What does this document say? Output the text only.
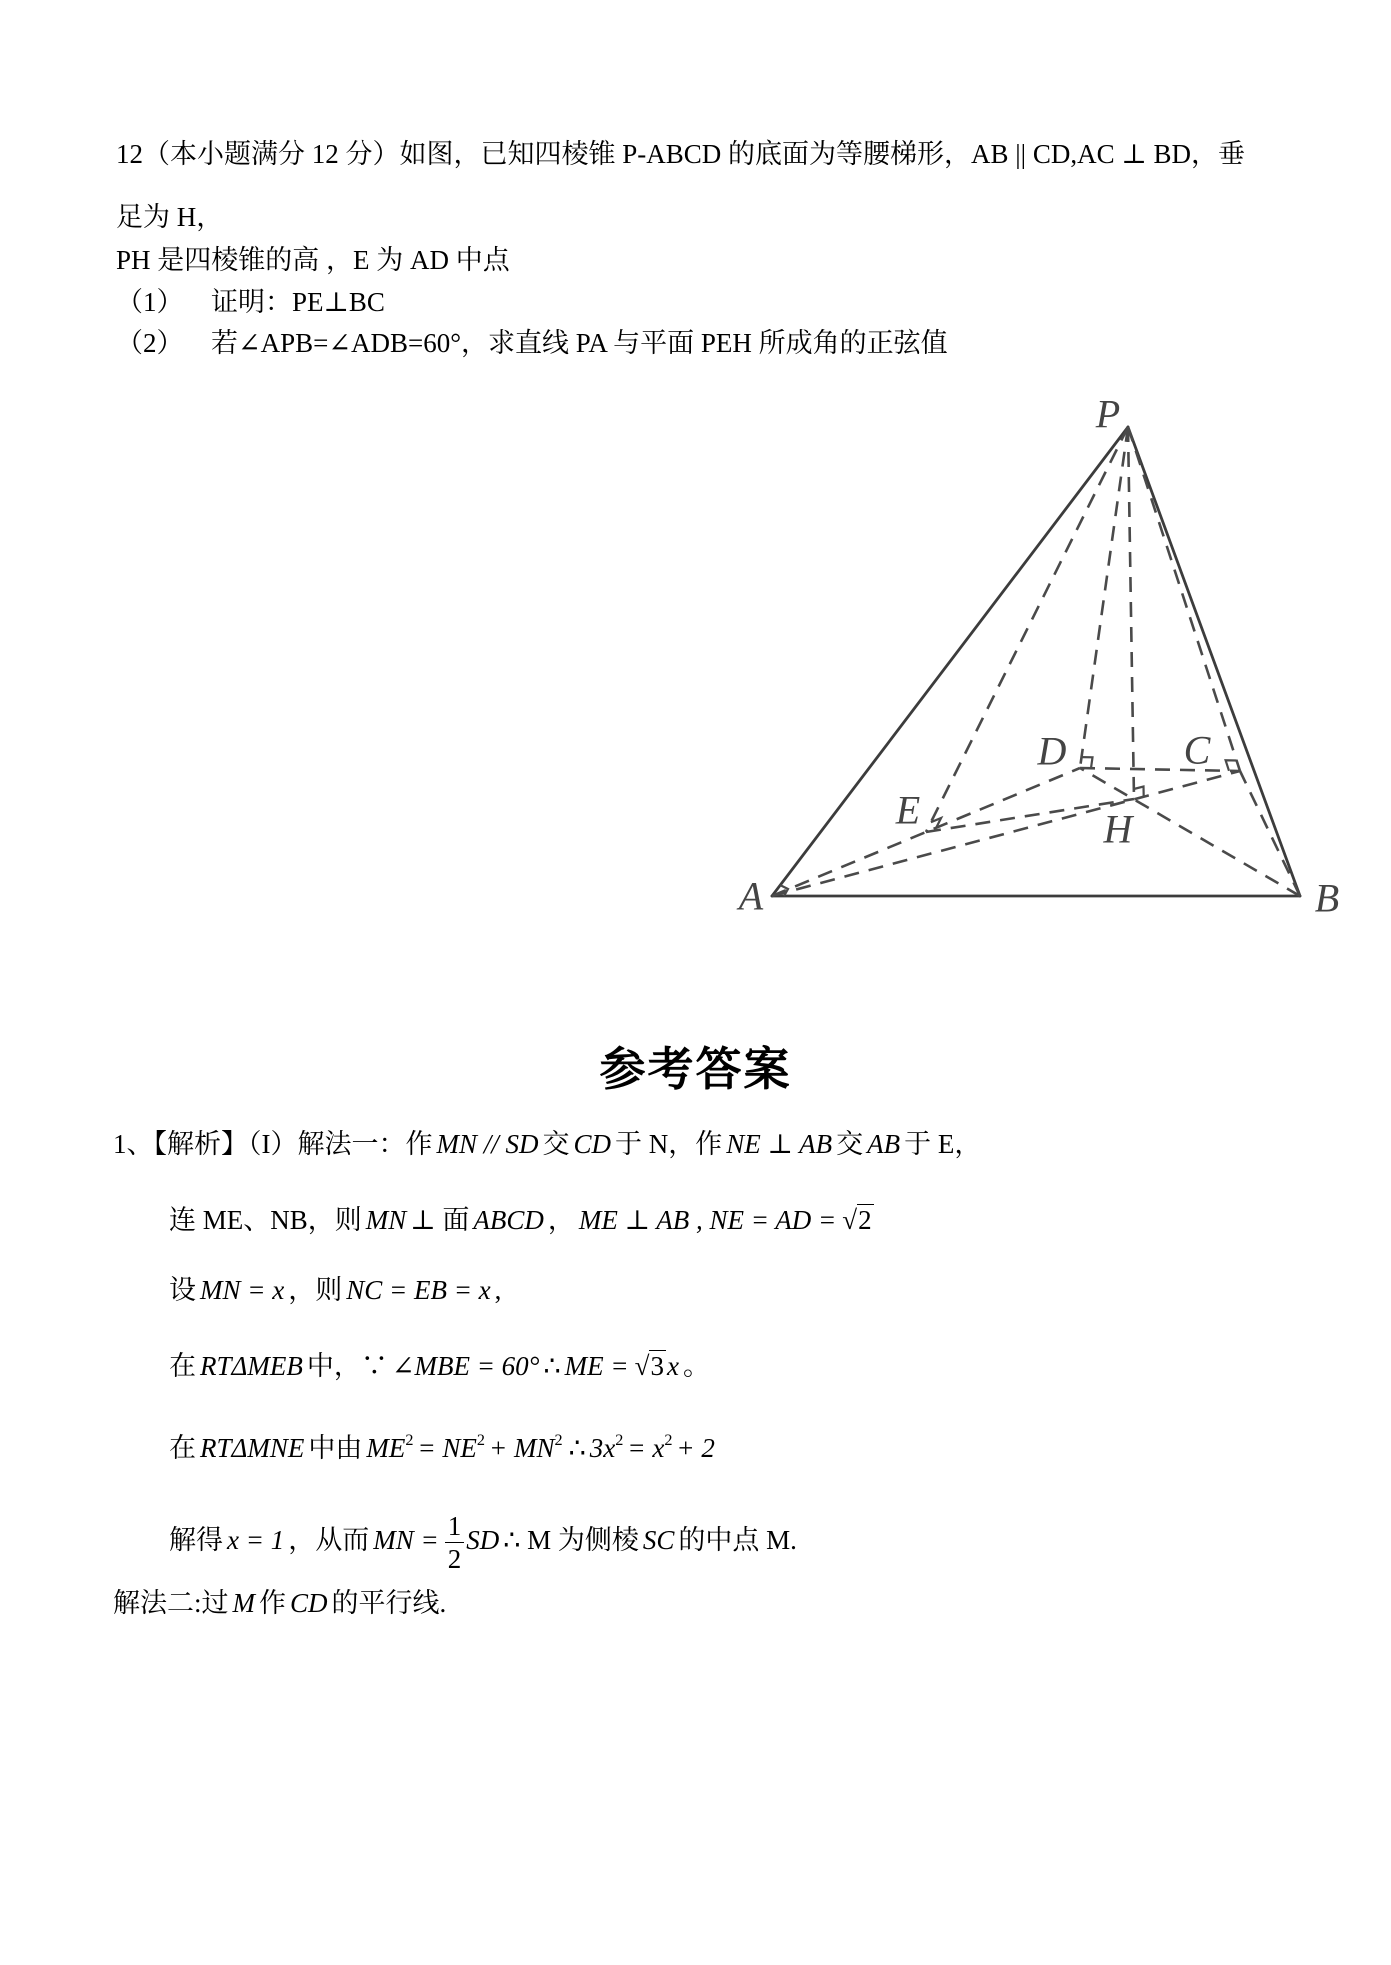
12（本小题满分 12 分）如图，已知四棱锥 P-ABCD 的底面为等腰梯形，AB || CD,AC ⊥ BD，垂
足为 H，
PH 是四棱锥的高 ，E 为 AD 中点
（1） 证明：PE⊥BC
（2） 若∠APB=∠ADB=60°，求直线 PA 与平面 PEH 所成角的正弦值
P
A	B
C
D
E	H
参考答案
1、【解析】（I）解法一：作 MN // SD 交 CD 于 N，作 NE ⊥ AB 交 AB 于 E，
连 ME、NB，则 MN ⊥ 面 ABCD ， ME ⊥ AB , NE = AD = √2
设 MN = x ，则 NC = EB = x ,
在 RTΔMEB 中，∵ ∠MBE = 60° ∴ ME = √3 x 。
在 RTΔMNE 中由 $ME^2 = NE^2 + MN^2$ ∴ $3x^2 = x^2 + 2$
解得 x = 1 ，从而 MN = $\frac{1}{2}$ SD ∴ M 为侧棱 SC 的中点 M.
解法二:过 M 作 CD 的平行线.
